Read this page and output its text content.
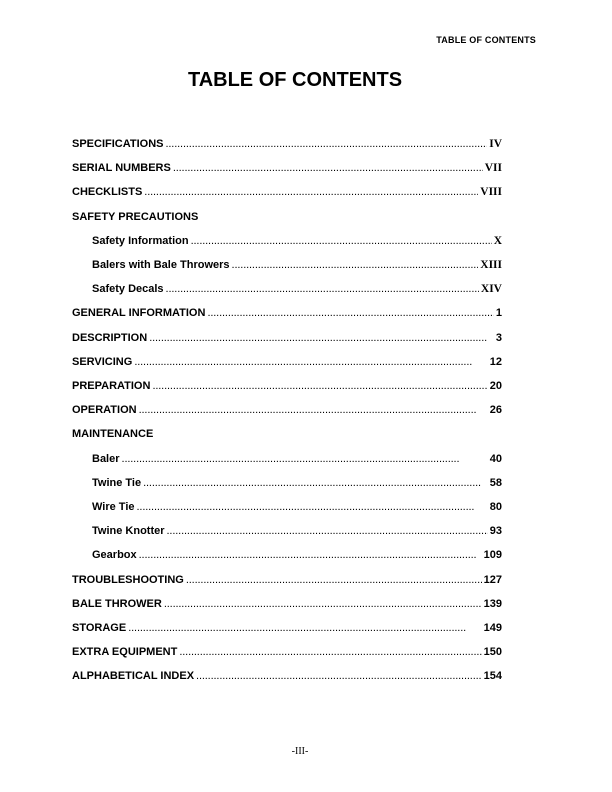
TABLE OF CONTENTS
TABLE OF CONTENTS
SPECIFICATIONS . . .	IV
SERIAL NUMBERS . . .	VII
CHECKLISTS . . .	VIII
SAFETY PRECAUTIONS
Safety Information . . .	X
Balers with Bale Throwers . . .	XIII
Safety Decals . . .	XIV
GENERAL INFORMATION . . .	1
DESCRIPTION . . .	3
SERVICING . . .	12
PREPARATION . . .	20
OPERATION . . .	26
MAINTENANCE
Baler . . .	40
Twine Tie . . .	58
Wire Tie . . .	80
Twine Knotter . . .	93
Gearbox . . .	109
TROUBLESHOOTING . . .	127
BALE THROWER . . .	139
STORAGE . . .	149
EXTRA EQUIPMENT . . .	150
ALPHABETICAL INDEX . . .	154
-III-
